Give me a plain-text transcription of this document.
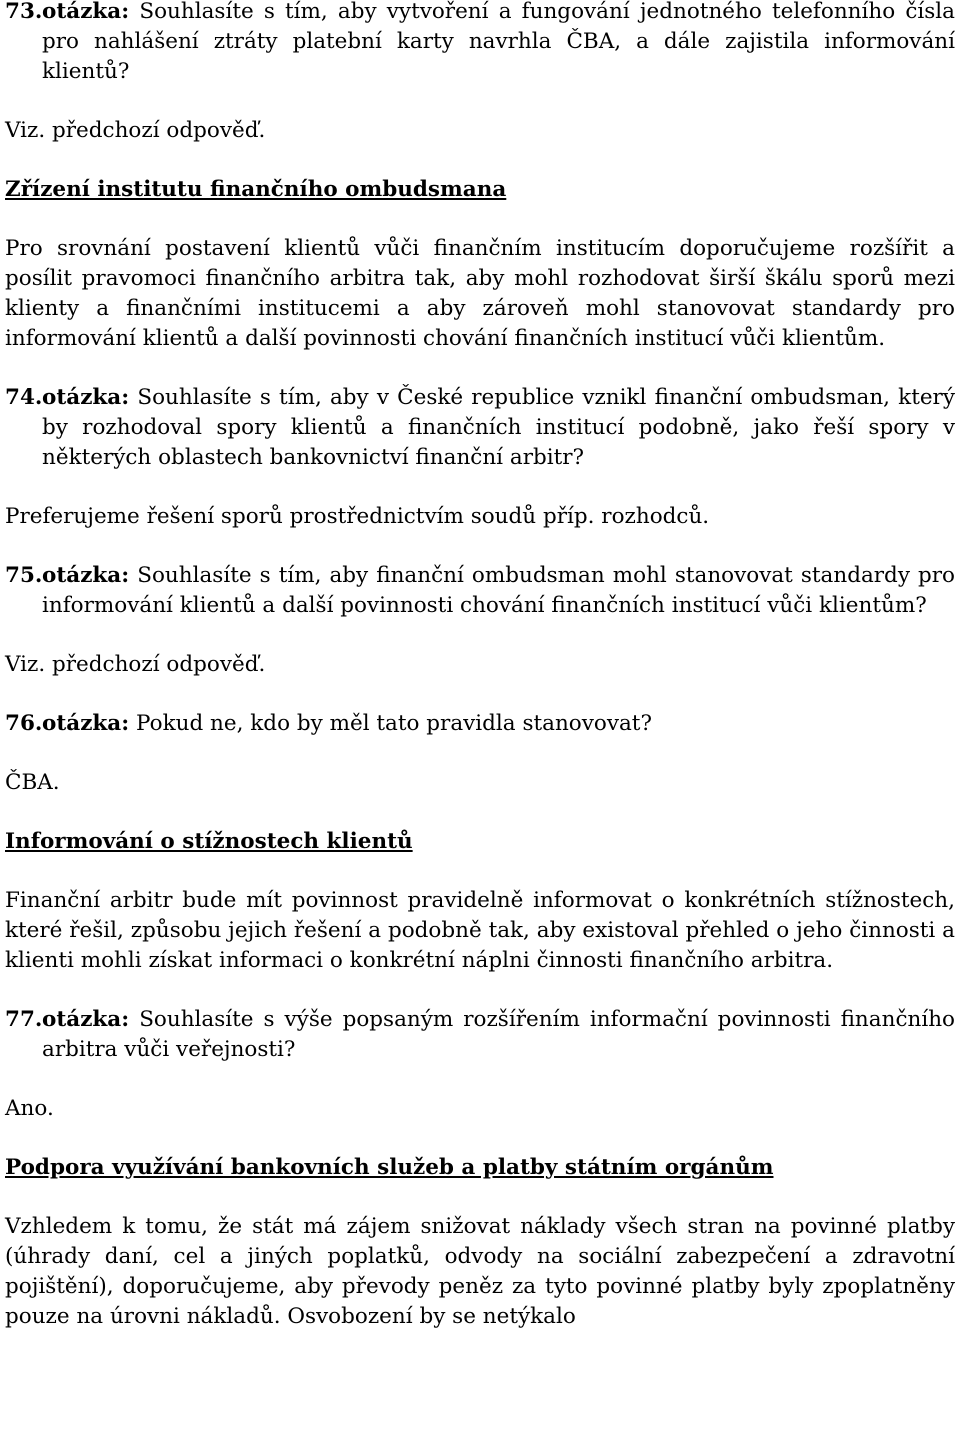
73. otázka: Souhlasíte s tím, aby vytvoření a fungování jednotného telefonního čísla pro nahlášení ztráty platební karty navrhla ČBA, a dále zajistila informování klientů?

Viz. předchozí odpověď.

Zřízení institutu finančního ombudsmana

Pro srovnání postavení klientů vůči finančním institucím doporučujeme rozšířit a posílit pravomoci finančního arbitra tak, aby mohl rozhodovat širší škálu sporů mezi klienty a finančními institucemi a aby zároveň mohl stanovovat standardy pro informování klientů a další povinnosti chování finančních institucí vůči klientům.

74. otázka: Souhlasíte s tím, aby v České republice vznikl finanční ombudsman, který by rozhodoval spory klientů a finančních institucí podobně, jako řeší spory v některých oblastech bankovnictví finanční arbitr?

Preferujeme řešení sporů prostřednictvím soudů příp. rozhodců.

75. otázka: Souhlasíte s tím, aby finanční ombudsman mohl stanovovat standardy pro informování klientů a další povinnosti chování finančních institucí vůči klientům?

Viz. předchozí odpověď.

76. otázka: Pokud ne, kdo by měl tato pravidla stanovovat?

ČBA.

Informování o stížnostech klientů

Finanční arbitr bude mít povinnost pravidelně informovat o konkrétních stížnostech, které řešil, způsobu jejich řešení a podobně tak, aby existoval přehled o jeho činnosti a klienti mohli získat informaci o konkrétní náplni činnosti finančního arbitra.

77. otázka: Souhlasíte s výše popsaným rozšířením informační povinnosti finančního arbitra vůči veřejnosti?

Ano.

Podpora využívání bankovních služeb a platby státním orgánům

Vzhledem k tomu, že stát má zájem snižovat náklady všech stran na povinné platby (úhrady daní, cel a jiných poplatků, odvody na sociální zabezpečení a zdravotní pojištění), doporučujeme, aby převody peněz za tyto povinné platby byly zpoplatněny pouze na úrovni nákladů. Osvobození by se netýkalo
